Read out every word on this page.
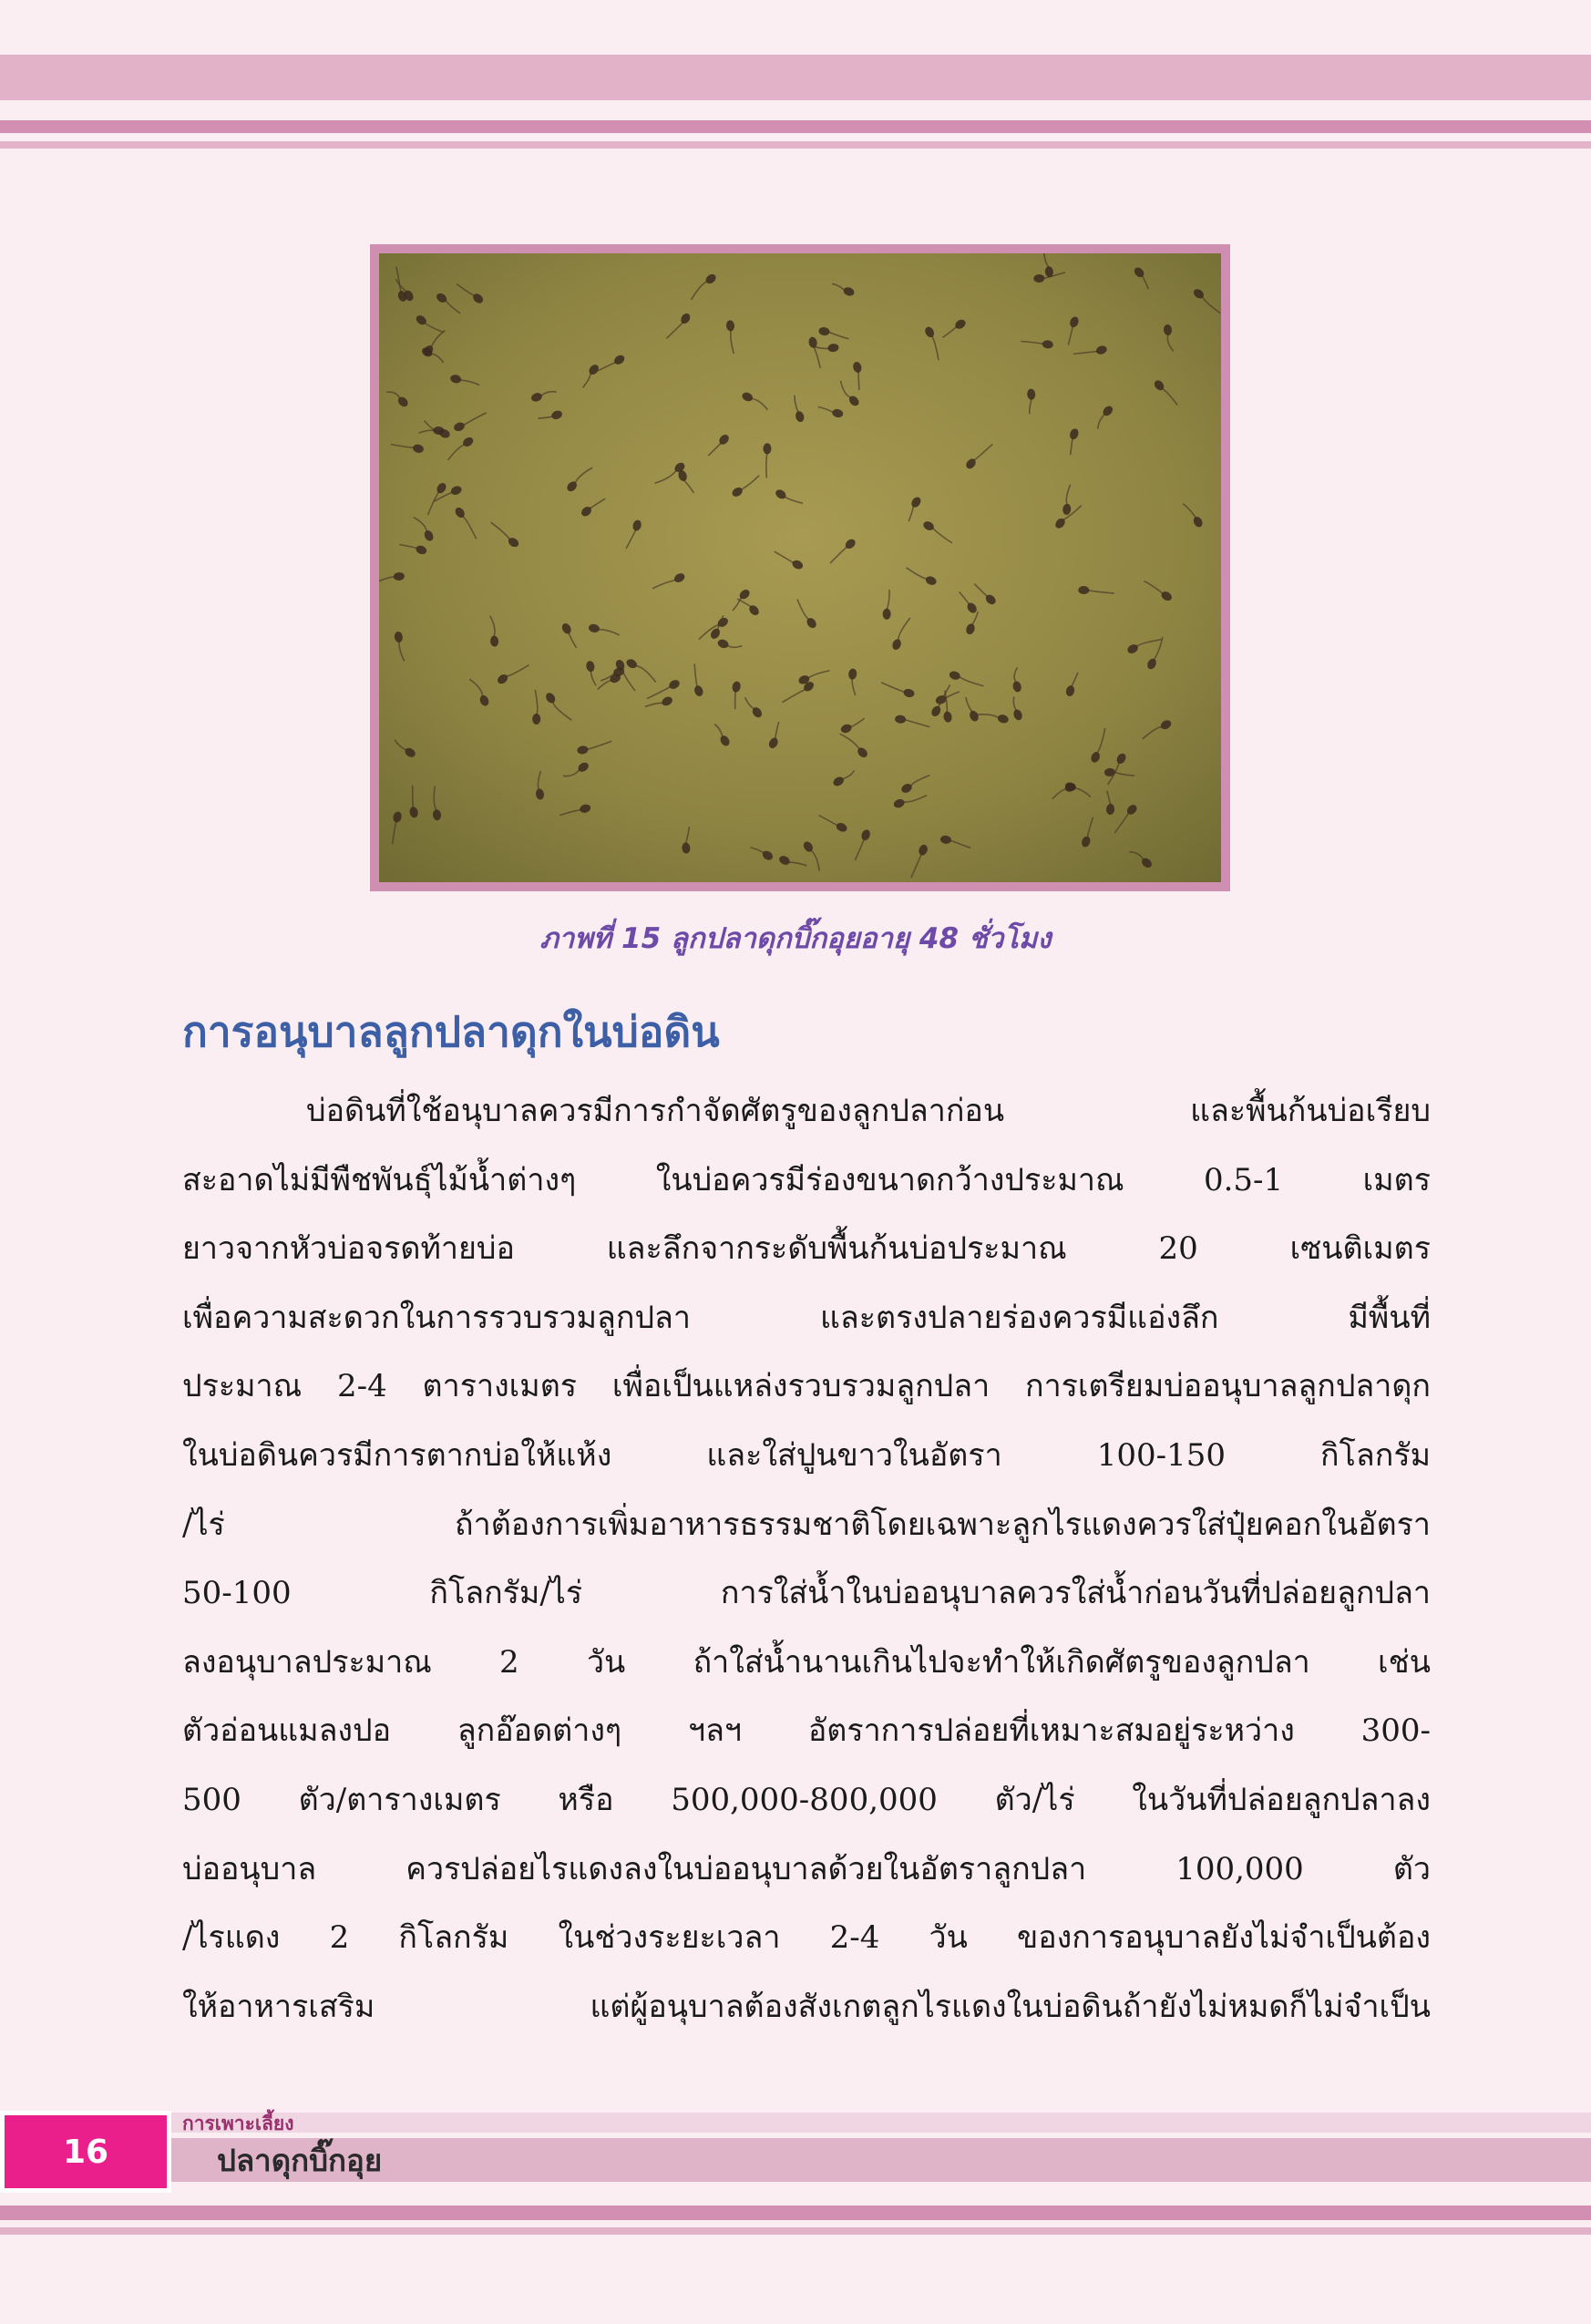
ภาพที่ 15 ลูกปลาดุกบิ๊กอุยอายุ 48 ชั่วโมง
การอนุบาลลูกปลาดุกในบ่อดิน
บ่อดินที่ใช้อนุบาลควรมีการกำจัดศัตรูของลูกปลาก่อน และพื้นก้นบ่อเรียบ
สะอาดไม่มีพืชพันธุ์ไม้น้ำต่างๆ ในบ่อควรมีร่องขนาดกว้างประมาณ 0.5-1 เมตร
ยาวจากหัวบ่อจรดท้ายบ่อ และลึกจากระดับพื้นก้นบ่อประมาณ 20 เซนติเมตร
เพื่อความสะดวกในการรวบรวมลูกปลา และตรงปลายร่องควรมีแอ่งลึก มีพื้นที่
ประมาณ 2-4 ตารางเมตร เพื่อเป็นแหล่งรวบรวมลูกปลา การเตรียมบ่ออนุบาลลูกปลาดุก
ในบ่อดินควรมีการตากบ่อให้แห้ง และใส่ปูนขาวในอัตรา 100-150 กิโลกรัม
/ไร่ ถ้าต้องการเพิ่มอาหารธรรมชาติโดยเฉพาะลูกไรแดงควรใส่ปุ๋ยคอกในอัตรา
50-100 กิโลกรัม/ไร่ การใส่น้ำในบ่ออนุบาลควรใส่น้ำก่อนวันที่ปล่อยลูกปลา
ลงอนุบาลประมาณ 2 วัน ถ้าใส่น้ำนานเกินไปจะทำให้เกิดศัตรูของลูกปลา เช่น
ตัวอ่อนแมลงปอ ลูกอ๊อดต่างๆ ฯลฯ อัตราการปล่อยที่เหมาะสมอยู่ระหว่าง 300-
500 ตัว/ตารางเมตร หรือ 500,000-800,000 ตัว/ไร่ ในวันที่ปล่อยลูกปลาลง
บ่ออนุบาล ควรปล่อยไรแดงลงในบ่ออนุบาลด้วยในอัตราลูกปลา 100,000 ตัว
/ไรแดง 2 กิโลกรัม ในช่วงระยะเวลา 2-4 วัน ของการอนุบาลยังไม่จำเป็นต้อง
ให้อาหารเสริม แต่ผู้อนุบาลต้องสังเกตลูกไรแดงในบ่อดินถ้ายังไม่หมดก็ไม่จำเป็น
16
การเพาะเลี้ยง
ปลาดุกบิ๊กอุย
